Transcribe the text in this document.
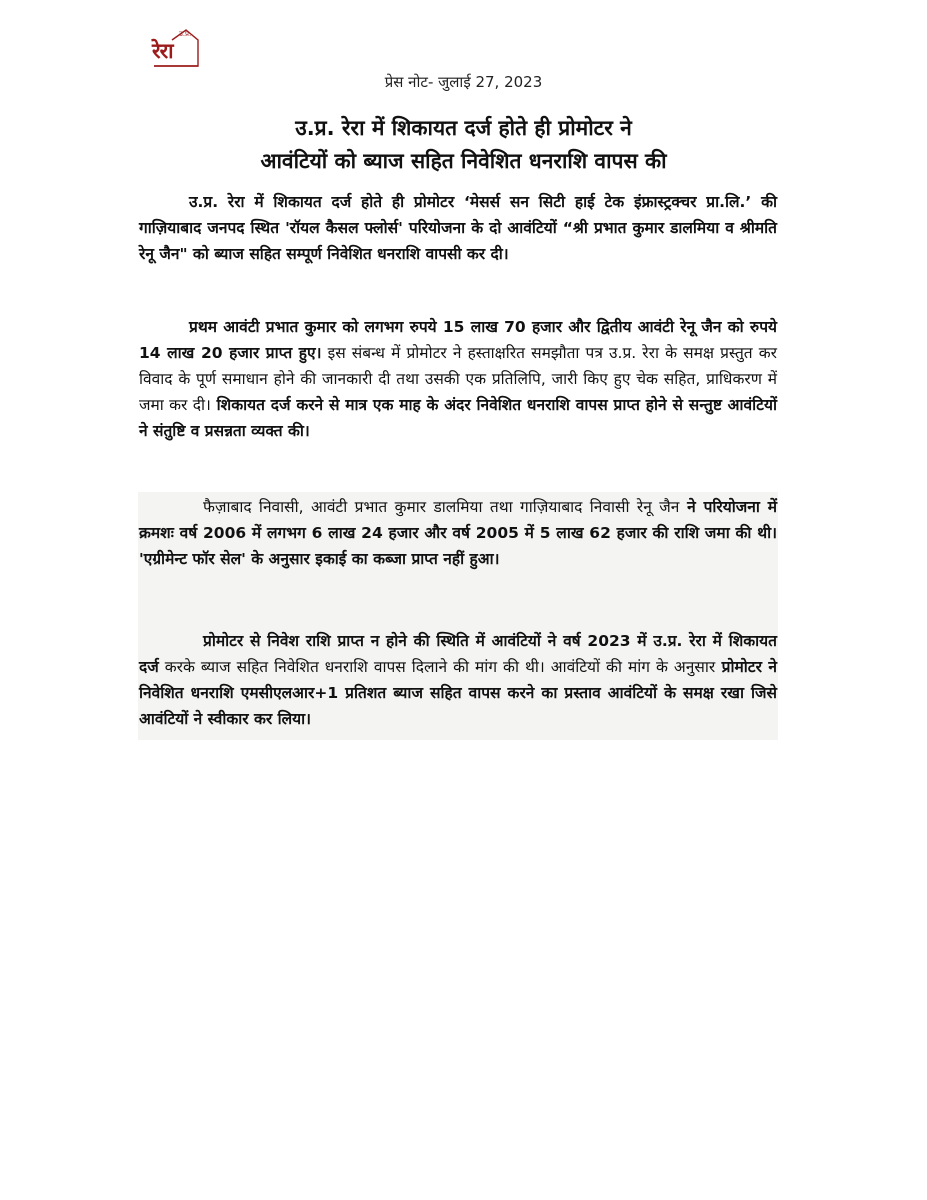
उ.प्र.
रेरा
प्रेस नोट- जुलाई 27, 2023
उ.प्र. रेरा में शिकायत दर्ज होते ही प्रोमोटर ने
आवंटियों को ब्याज सहित निवेशित धनराशि वापस की

उ.प्र. रेरा में शिकायत दर्ज होते ही प्रोमोटर ‘मेसर्स सन सिटी हाई टेक इंफ्रास्ट्रक्चर प्रा.लि.’ की गाज़ियाबाद जनपद स्थित 'रॉयल कैसल फ्लोर्स' परियोजना के दो आवंटियों “श्री प्रभात कुमार डालमिया व श्रीमति रेनू जैन" को ब्याज सहित सम्पूर्ण निवेशित धनराशि वापसी कर दी।

प्रथम आवंटी प्रभात कुमार को लगभग रुपये 15 लाख 70 हजार और द्वितीय आवंटी रेनू जैन को रुपये 14 लाख 20 हजार प्राप्त हुए। इस संबन्ध में प्रोमोटर ने हस्ताक्षरित समझौता पत्र उ.प्र. रेरा के समक्ष प्रस्तुत कर विवाद के पूर्ण समाधान होने की जानकारी दी तथा उसकी एक प्रतिलिपि, जारी किए हुए चेक सहित, प्राधिकरण में जमा कर दी। शिकायत दर्ज करने से मात्र एक माह के अंदर निवेशित धनराशि वापस प्राप्त होने से सन्तुष्ट आवंटियों ने संतुष्टि व प्रसन्नता व्यक्त की।

फैज़ाबाद निवासी, आवंटी प्रभात कुमार डालमिया तथा गाज़ियाबाद निवासी रेनू जैन ने परियोजना में क्रमशः वर्ष 2006 में लगभग 6 लाख 24 हजार और वर्ष 2005 में 5 लाख 62 हजार की राशि जमा की थी। 'एग्रीमेन्ट फॉर सेल' के अनुसार इकाई का कब्जा प्राप्त नहीं हुआ।

प्रोमोटर से निवेश राशि प्राप्त न होने की स्थिति में आवंटियों ने वर्ष 2023 में उ.प्र. रेरा में शिकायत दर्ज करके ब्याज सहित निवेशित धनराशि वापस दिलाने की मांग की थी। आवंटियों की मांग के अनुसार प्रोमोटर ने निवेशित धनराशि एमसीएलआर+1 प्रतिशत ब्याज सहित वापस करने का प्रस्ताव आवंटियों के समक्ष रखा जिसे आवंटियों ने स्वीकार कर लिया।
